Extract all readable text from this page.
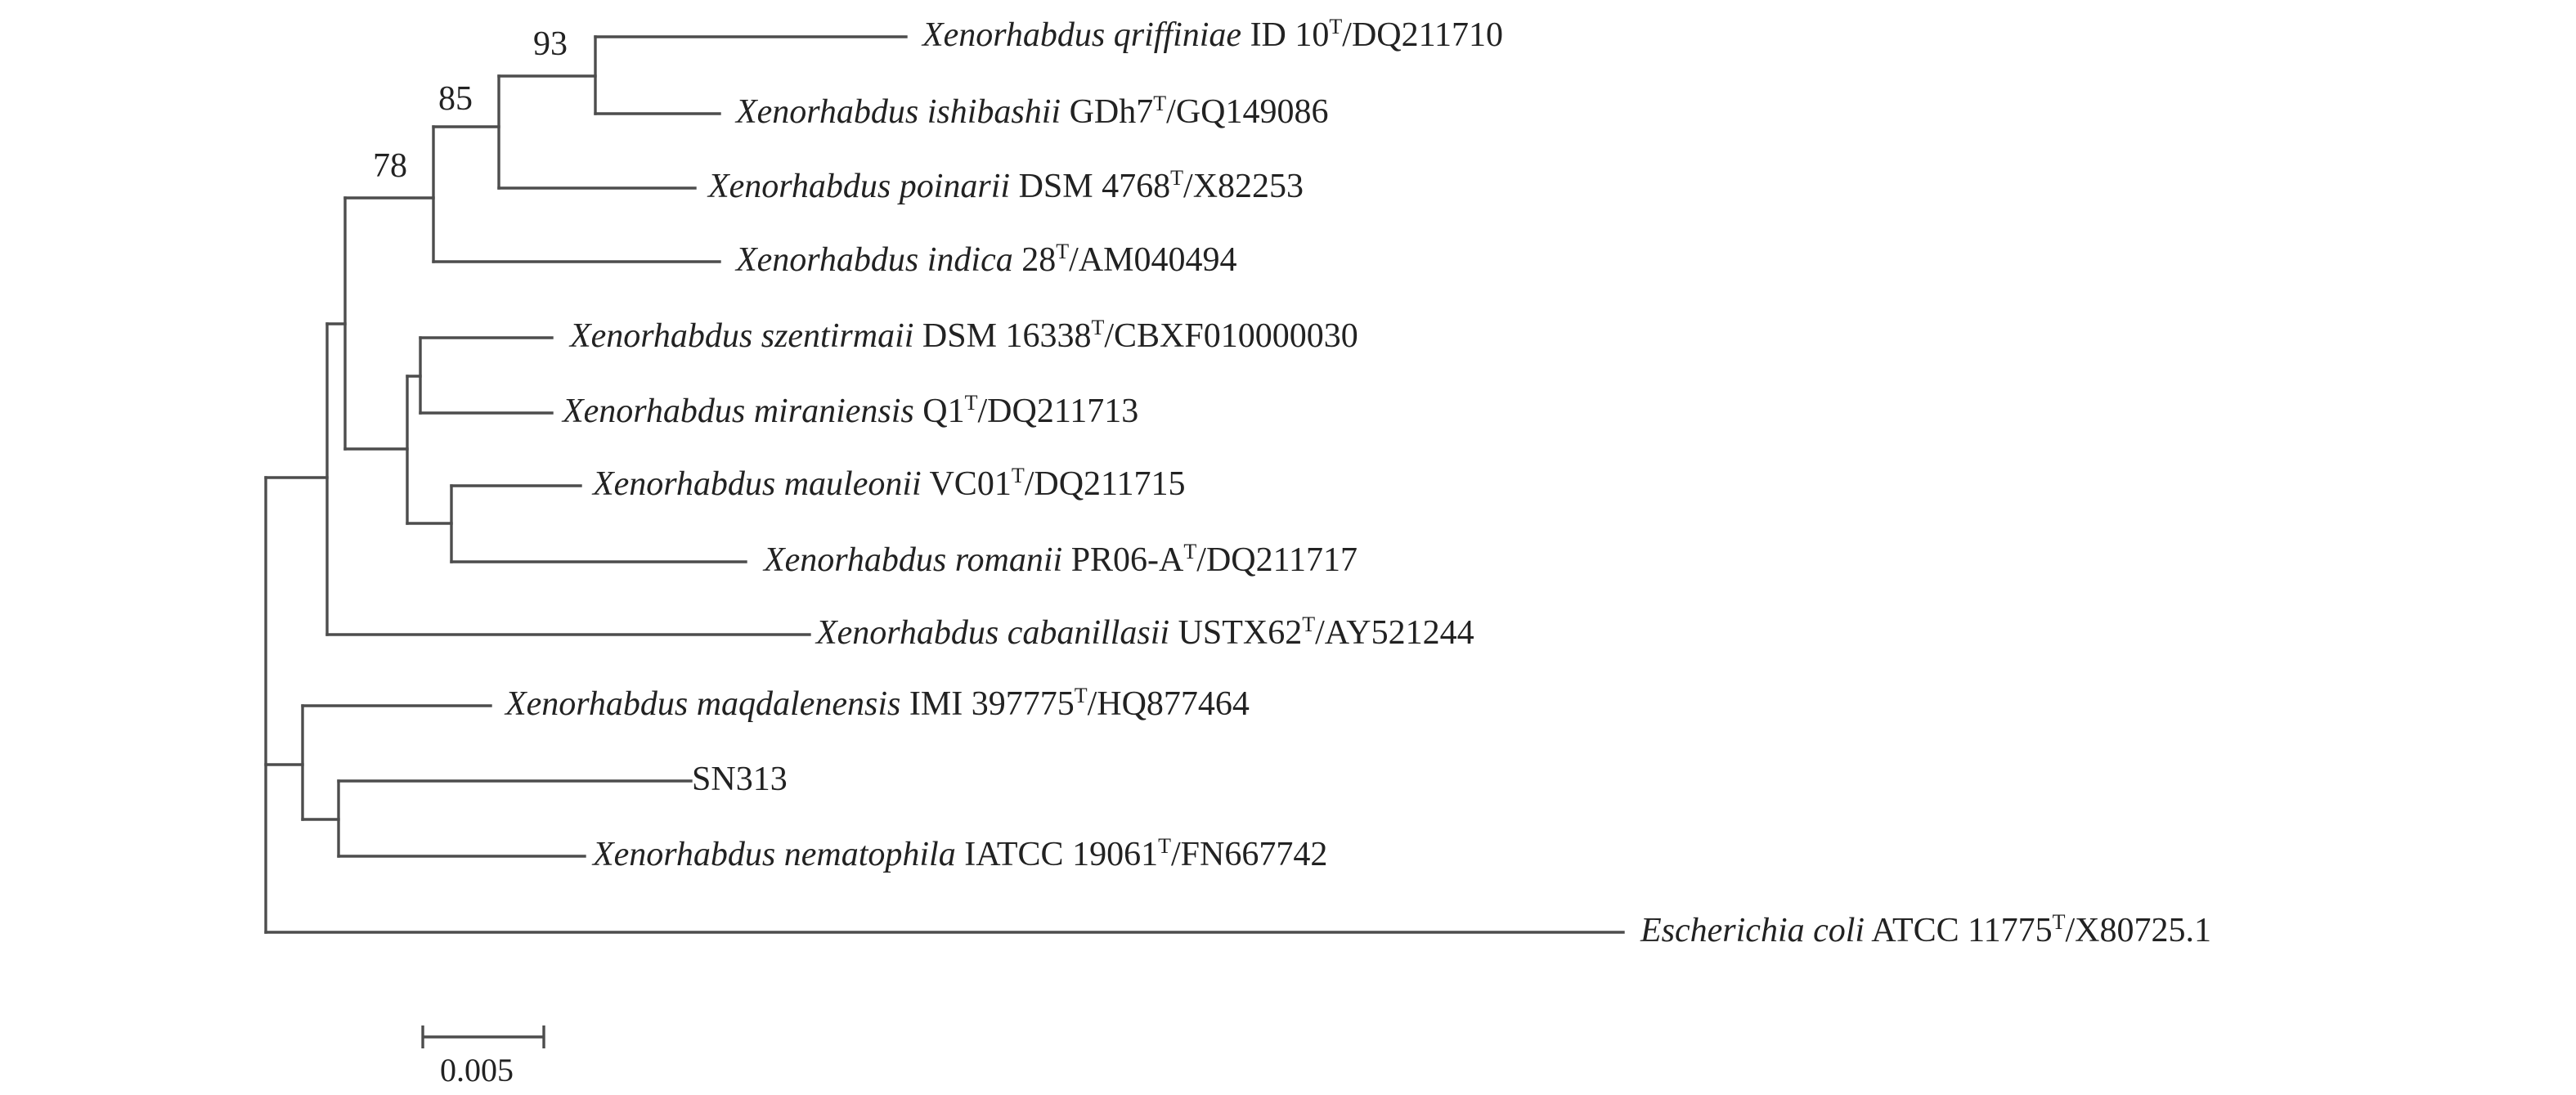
93
85
78
Xenorhabdus qriffiniae ID $10^T/DQ211710$
Xenorhabdus ishibashii $GDh7^T/GQ149086$
Xenorhabdus poinarii DSM $4768^T/X82253$
Xenorhabdus indica $28^T/AM040494$
Xenorhabdus szentirmaii DSM $16338^T/CBXF010000030$
Xenorhabdus miraniensis $Q1^T/DQ211713$
Xenorhabdus mauleonii $VC01^T/DQ211715$
Xenorhabdus romanii $PR06-A^T/DQ211717$
Xenorhabdus cabanillasii $USTX62^T/AY521244$
Xenorhabdus maqdalenensis IMI $397775^T/HQ877464$
SN313
Xenorhabdus nematophila IATCC $19061^T/FN667742$
Escherichia coli ATCC $11775^T/X80725.1$
0.005
